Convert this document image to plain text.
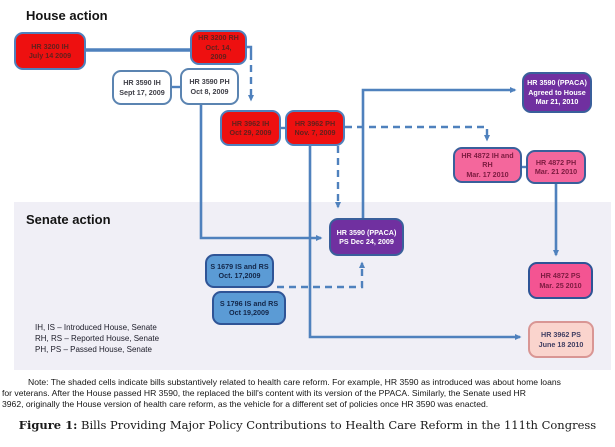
House action
Senate action
HR 3200 IH
July 14 2009
HR 3200 RH
Oct. 14,
2009
HR 3590 IH
Sept 17, 2009
HR 3590 PH
Oct 8, 2009
HR 3962 IH
Oct 29, 2009
HR 3962 PH
Nov. 7, 2009
HR 3590 (PPACA)
Agreed to House
Mar 21, 2010
HR 4872 IH and
RH
Mar. 17 2010
HR 4872 PH
Mar. 21 2010
HR 3590 (PPACA)
PS Dec 24, 2009
S 1679 IS and RS
Oct. 17,2009
S 1796 IS and RS
Oct 19,2009
HR 4872 PS
Mar. 25 2010
HR 3962 PS
June 18 2010
IH, IS – Introduced House, Senate
RH, RS – Reported House, Senate
PH, PS – Passed House, Senate
Note: The shaded cells indicate bills substantively related to health care reform. For example, HR 3590 as introduced was about home loans
for veterans. After the House passed HR 3590, the replaced the bill's content with its version of the PPACA. Similarly, the Senate used HR
3962, originally the House version of health care reform, as the vehicle for a different set of policies once HR 3590 was enacted.
Figure 1: Bills Providing Major Policy Contributions to Health Care Reform in the 111th Congress
